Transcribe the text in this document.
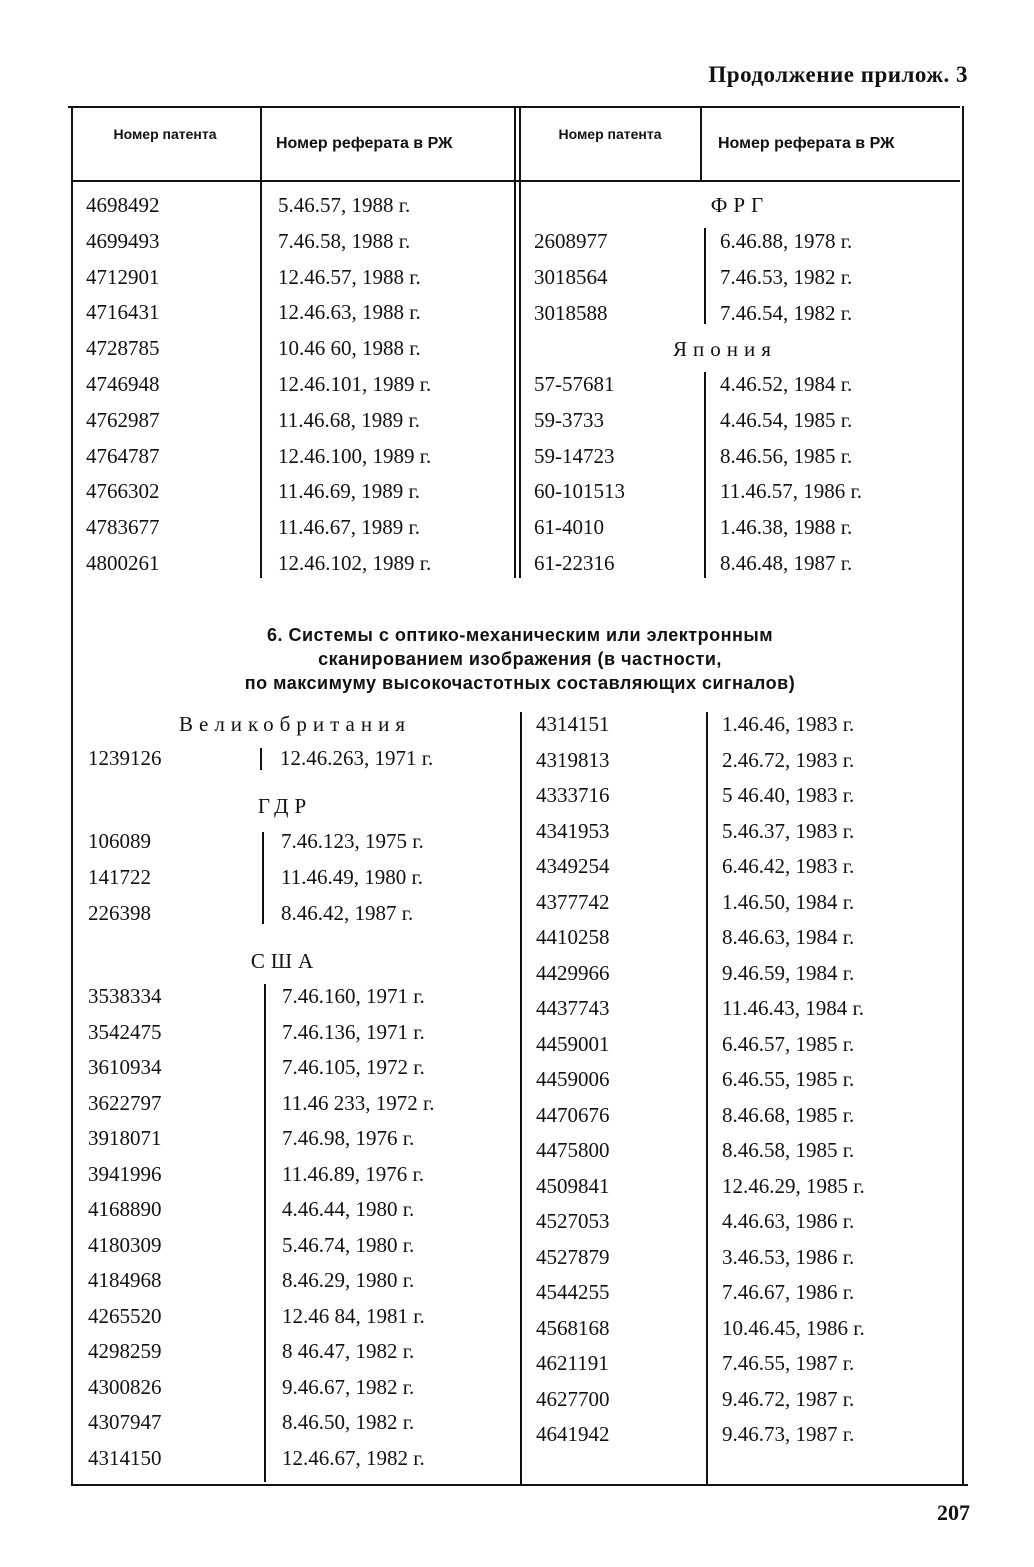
Продолжение прилож. 3
Номер патента
Номер реферата в РЖ
Номер патента
Номер реферата в РЖ
4698492	5.46.57, 1988 г.
4699493	7.46.58, 1988 г.
4712901	12.46.57, 1988 г.
4716431	12.46.63, 1988 г.
4728785	10.46 60, 1988 г.
4746948	12.46.101, 1989 г.
4762987	11.46.68, 1989 г.
4764787	12.46.100, 1989 г.
4766302	11.46.69, 1989 г.
4783677	11.46.67, 1989 г.
4800261	12.46.102, 1989 г.
ФРГ
2608977	6.46.88, 1978 г.
3018564	7.46.53, 1982 г.
3018588	7.46.54, 1982 г.
Япония
57-57681	4.46.52, 1984 г.
59-3733	4.46.54, 1985 г.
59-14723	8.46.56, 1985 г.
60-101513	11.46.57, 1986 г.
61-4010	1.46.38, 1988 г.
61-22316	8.46.48, 1987 г.
6. Системы с оптико-механическим или электронным
сканированием изображения (в частности,
по максимуму высокочастотных составляющих сигналов)
Великобритания
1239126	12.46.263, 1971 г.
ГДР
106089	7.46.123, 1975 г.
141722	11.46.49, 1980 г.
226398	8.46.42, 1987 г.
США
3538334	7.46.160, 1971 г.
3542475	7.46.136, 1971 г.
3610934	7.46.105, 1972 г.
3622797	11.46 233, 1972 г.
3918071	7.46.98, 1976 г.
3941996	11.46.89, 1976 г.
4168890	4.46.44, 1980 г.
4180309	5.46.74, 1980 г.
4184968	8.46.29, 1980 г.
4265520	12.46 84, 1981 г.
4298259	8 46.47, 1982 г.
4300826	9.46.67, 1982 г.
4307947	8.46.50, 1982 г.
4314150	12.46.67, 1982 г.
4314151	1.46.46, 1983 г.
4319813	2.46.72, 1983 г.
4333716	5 46.40, 1983 г.
4341953	5.46.37, 1983 г.
4349254	6.46.42, 1983 г.
4377742	1.46.50, 1984 г.
4410258	8.46.63, 1984 г.
4429966	9.46.59, 1984 г.
4437743	11.46.43, 1984 г.
4459001	6.46.57, 1985 г.
4459006	6.46.55, 1985 г.
4470676	8.46.68, 1985 г.
4475800	8.46.58, 1985 г.
4509841	12.46.29, 1985 г.
4527053	4.46.63, 1986 г.
4527879	3.46.53, 1986 г.
4544255	7.46.67, 1986 г.
4568168	10.46.45, 1986 г.
4621191	7.46.55, 1987 г.
4627700	9.46.72, 1987 г.
4641942	9.46.73, 1987 г.
207
